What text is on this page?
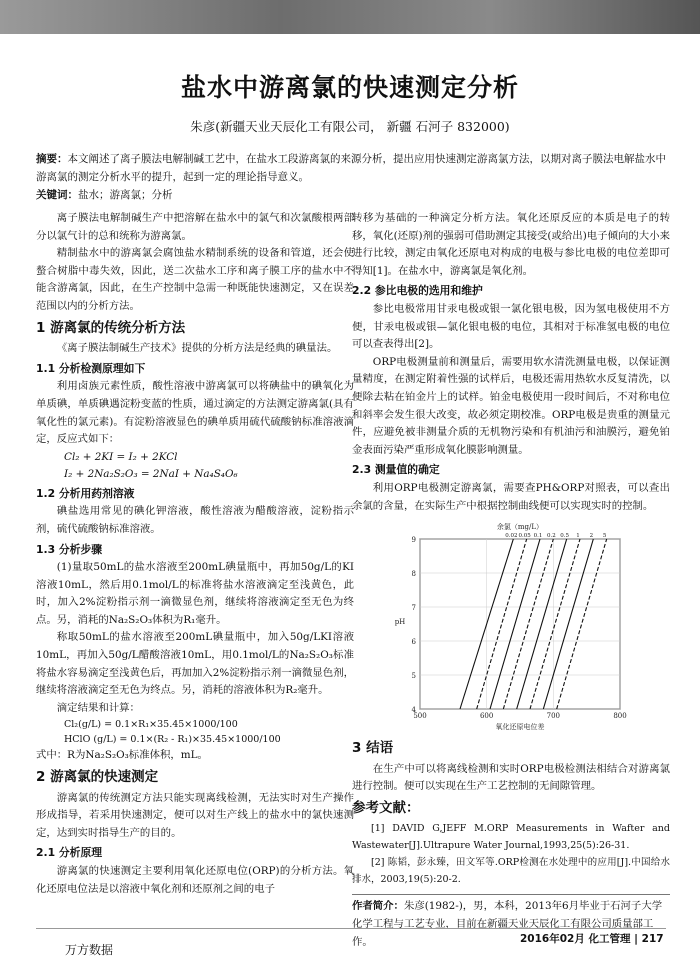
盐水中游离氯的快速测定分析
朱彦(新疆天业天辰化工有限公司， 新疆 石河子 832000)
摘要：本文阐述了离子膜法电解制碱工艺中，在盐水工段游离氯的来源分析，提出应用快速测定游离氯方法，以期对离子膜法电解盐水中游离氯的测定分析水平的提升，起到一定的理论指导意义。
关键词：盐水；游离氯；分析

离子膜法电解制碱生产中把溶解在盐水中的氯气和次氯酸根两部分以氯气计的总和统称为游离氯。

精制盐水中的游离氯会腐蚀盐水精制系统的设备和管道，还会使螯合树脂中毒失效，因此，送二次盐水工序和离子膜工序的盐水中不能含游离氯，因此，在生产控制中急需一种既能快速测定，又在误差范围以内的分析方法。

1 游离氯的传统分析方法

《离子膜法制碱生产技术》提供的分析方法是经典的碘量法。

1.1 分析检测原理如下

利用卤族元素性质，酸性溶液中游离氯可以将碘盐中的碘氧化为单质碘，单质碘遇淀粉变蓝的性质，通过滴定的方法测定游离氯(具有氧化性的氯元素)。有淀粉溶液显色的碘单质用硫代硫酸钠标准溶液滴定，反应式如下：

Cl₂ + 2KI = I₂ + 2KCl
I₂ + 2Na₂S₂O₃ = 2NaI + Na₄S₄O₆
1.2 分析用药剂溶液

碘盐选用常见的碘化钾溶液，酸性溶液为醋酸溶液，淀粉指示剂，硫代硫酸钠标准溶液。

1.3 分析步骤

(1)量取50mL的盐水溶液至200mL碘量瓶中，再加50g/L的KI溶液10mL，然后用0.1mol/L的标准将盐水溶液滴定至浅黄色，此时，加入2%淀粉指示剂一滴微显色剂，继续将溶液滴定至无色为终点。另，消耗的Na₂S₂O₃体积为R₁毫升。

称取50mL的盐水溶液至200mL碘量瓶中，加入50g/LKI溶液10mL，再加入50g/L醋酸溶液10mL，用0.1mol/L的Na₂S₂O₃标准将盐水容易滴定至浅黄色后，再加加入2%淀粉指示剂一滴微显色剂，继续将溶液滴定至无色为终点。另，消耗的溶液体积为R₂毫升。

滴定结果和计算：

Cl₂(g/L) = 0.1×R₁×35.45×1000/100
HClO (g/L) = 0.1×(R₂ - R₁)×35.45×1000/100

式中：R为Na₂S₂O₃标准体积，mL。

2 游离氯的快速测定

游离氯的传统测定方法只能实现离线检测，无法实时对生产操作形成指导，若采用快速测定，便可以对生产线上的盐水中的氯快速测定，达到实时指导生产的目的。

2.1 分析原理

游离氯的快速测定主要利用氧化还原电位(ORP)的分析方法。氧化还原电位法是以溶液中氧化剂和还原剂之间的电子

转移为基础的一种滴定分析方法。氧化还原反应的本质是电子的转移，氧化(还原)剂的强弱可借助测定其接受(或给出)电子倾向的大小来进行比较，测定由氧化还原电对构成的电极与参比电极的电位差即可得知[1]。在盐水中，游离氯是氧化剂。

2.2 参比电极的选用和维护

参比电极常用甘汞电极或银一氯化银电极，因为氢电极使用不方便，甘汞电极或银—氯化银电极的电位，其相对于标准氢电极的电位可以查表得出[2]。

ORP电极测量前和测量后，需要用软水清洗测量电极，以保证测量精度，在测定附着性强的试样后，电极还需用热软水反复清洗，以便除去粘在铂金片上的试样。铂金电极使用一段时间后，不对称电位和斜率会发生很大改变，故必须定期校准。ORP电极是贵重的测量元件，应避免被非测量介质的无机物污染和有机油污和油膜污，避免铂金表面污染严重形成氧化膜影响测量。

2.3 测量值的确定

利用ORP电极测定游离氯，需要查PH&ORP对照表，可以查出余氯的含量，在实际生产中根据控制曲线便可以实现实时的控制。

4
5
6
7
8
9
500	600	700	800
0.02 0.05 0.1 0.2 0.5 1 2 5
余氯（mg/L）
氧化还原电位差
pH
3 结语

在生产中可以将离线检测和实时ORP电极检测法相结合对游离氯进行控制。便可以实现在生产工艺控制的无间隙管理。

参考文献：

[1] DAVID G,JEFF M.ORP Measurements in Wafter and Wastewater[J].Ultrapure Water Journal,1993,25(5):26-31.

[2] 陈韬，彭永臻，田文军等.ORP检测在水处理中的应用[J].中国给水排水，2003,19(5):20-2.

作者简介：朱彦(1982-)，男，本科，2013年6月毕业于石河子大学化学工程与工艺专业，目前在新疆天业天辰化工有限公司质量部工作。
万方数据
2016年02月 化工管理 | 217
